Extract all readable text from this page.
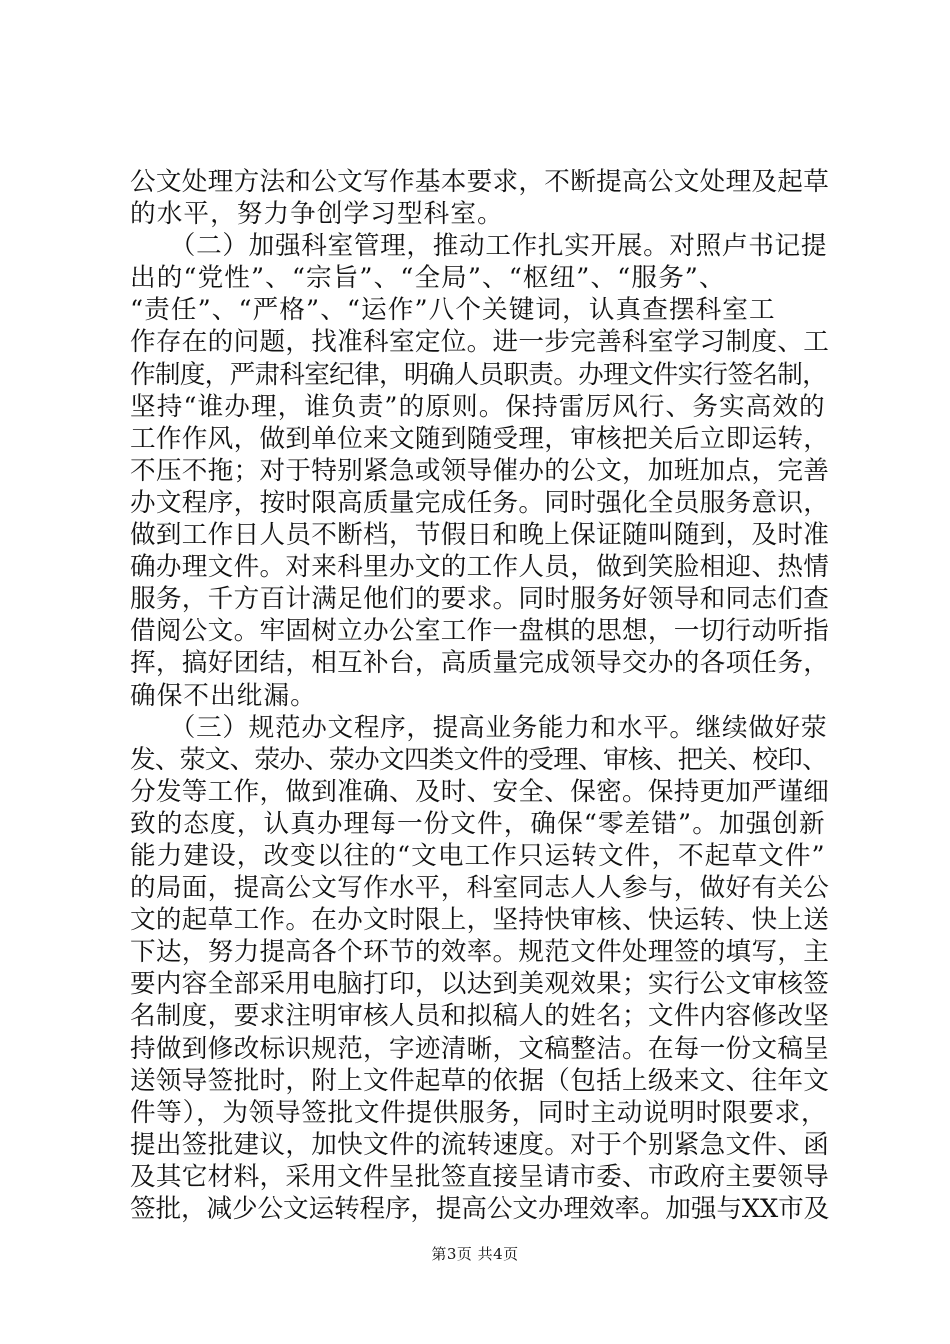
公文处理方法和公文写作基本要求，不断提高公文处理及起草
的水平，努力争创学习型科室。
　　（二）加强科室管理，推动工作扎实开展。对照卢书记提
出的“党性”、“宗旨”、“全局”、“枢纽”、“服务”、
“责任”、“严格”、“运作”八个关键词，认真查摆科室工
作存在的问题，找准科室定位。进一步完善科室学习制度、工
作制度，严肃科室纪律，明确人员职责。办理文件实行签名制，
坚持“谁办理，谁负责”的原则。保持雷厉风行、务实高效的
工作作风，做到单位来文随到随受理，审核把关后立即运转，
不压不拖；对于特别紧急或领导催办的公文，加班加点，完善
办文程序，按时限高质量完成任务。同时强化全员服务意识，
做到工作日人员不断档，节假日和晚上保证随叫随到，及时准
确办理文件。对来科里办文的工作人员，做到笑脸相迎、热情
服务，千方百计满足他们的要求。同时服务好领导和同志们查
借阅公文。牢固树立办公室工作一盘棋的思想，一切行动听指
挥，搞好团结，相互补台，高质量完成领导交办的各项任务，
确保不出纰漏。
　　（三）规范办文程序，提高业务能力和水平。继续做好荥
发、荥文、荥办、荥办文四类文件的受理、审核、把关、校印、
分发等工作，做到准确、及时、安全、保密。保持更加严谨细
致的态度，认真办理每一份文件，确保“零差错”。加强创新
能力建设，改变以往的“文电工作只运转文件，不起草文件”
的局面，提高公文写作水平，科室同志人人参与，做好有关公
文的起草工作。在办文时限上，坚持快审核、快运转、快上送
下达，努力提高各个环节的效率。规范文件处理签的填写，主
要内容全部采用电脑打印，以达到美观效果；实行公文审核签
名制度，要求注明审核人员和拟稿人的姓名；文件内容修改坚
持做到修改标识规范，字迹清晰，文稿整洁。在每一份文稿呈
送领导签批时，附上文件起草的依据（包括上级来文、往年文
件等），为领导签批文件提供服务，同时主动说明时限要求，
提出签批建议，加快文件的流转速度。对于个别紧急文件、函
及其它材料，采用文件呈批签直接呈请市委、市政府主要领导
签批，减少公文运转程序，提高公文办理效率。加强与XX市及
第3页 共4页
